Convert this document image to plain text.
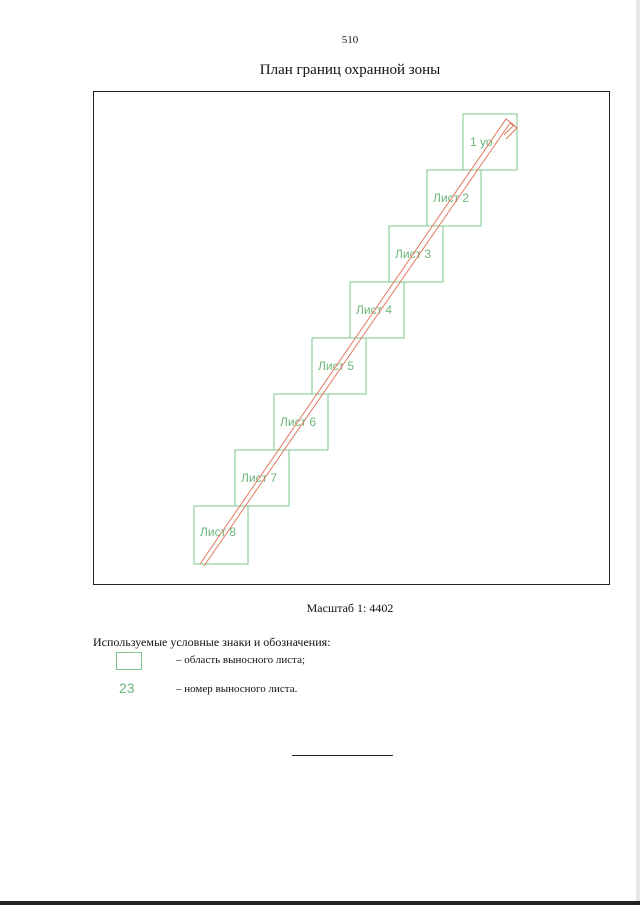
510
План границ охранной зоны
1 уо
Лист 2
Лист 3
Лист 4
Лист 5
Лист 6
Лист 7
Лист 8
Масштаб 1: 4402
Используемые условные знаки и обозначения:
– область выносного листа;
23	– номер выносного листа.
